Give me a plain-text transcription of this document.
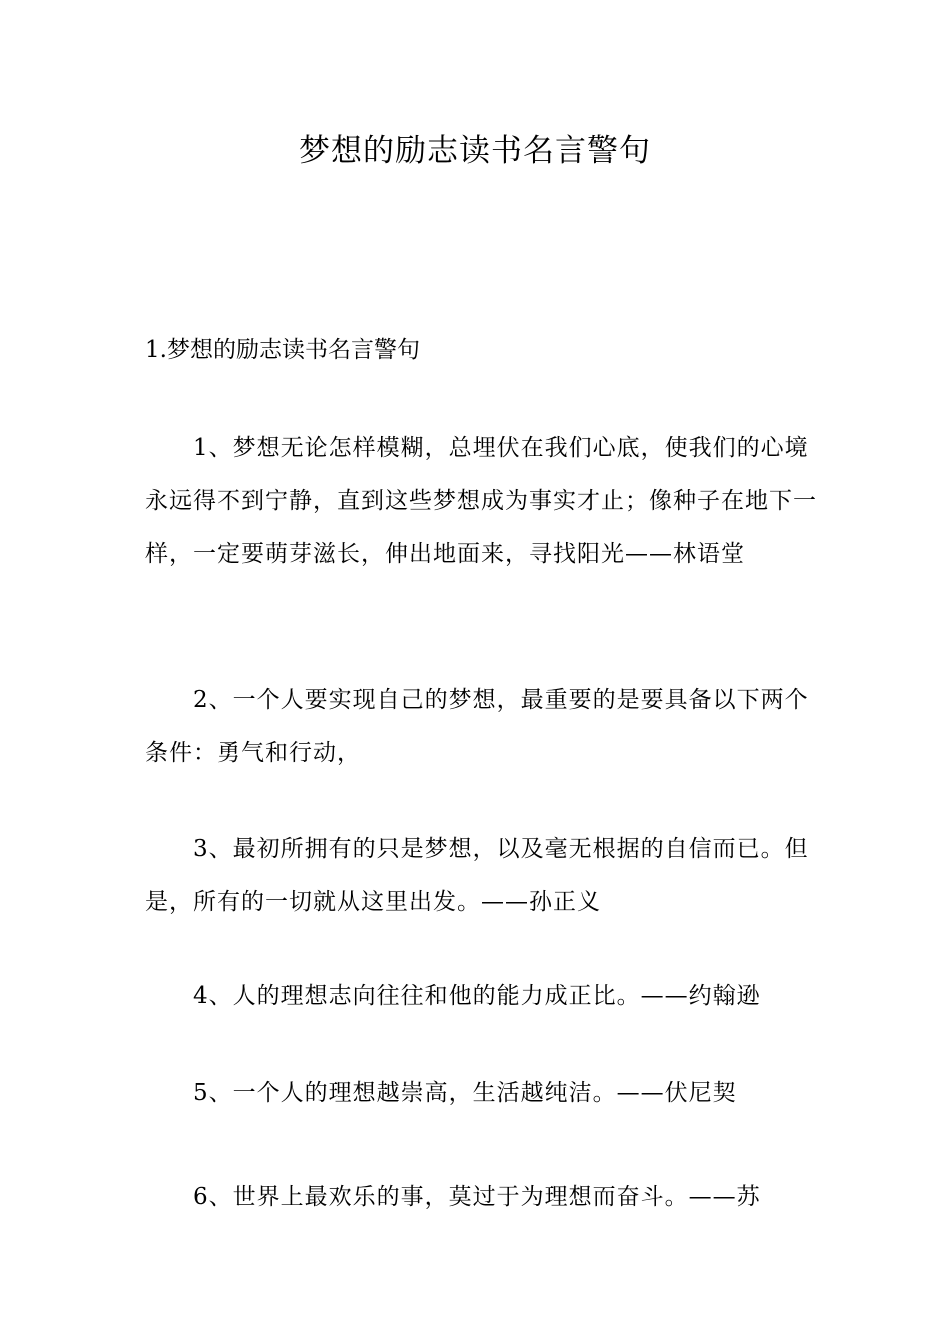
梦想的励志读书名言警句

1.梦想的励志读书名言警句

1、梦想无论怎样模糊，总埋伏在我们心底，使我们的心境永远得不到宁静，直到这些梦想成为事实才止；像种子在地下一样，一定要萌芽滋长，伸出地面来，寻找阳光——林语堂

2、一个人要实现自己的梦想，最重要的是要具备以下两个条件：勇气和行动，

3、最初所拥有的只是梦想，以及毫无根据的自信而已。但是，所有的一切就从这里出发。——孙正义

4、人的理想志向往往和他的能力成正比。——约翰逊

5、一个人的理想越崇高，生活越纯洁。——伏尼契

6、世界上最欢乐的事，莫过于为理想而奋斗。——苏
